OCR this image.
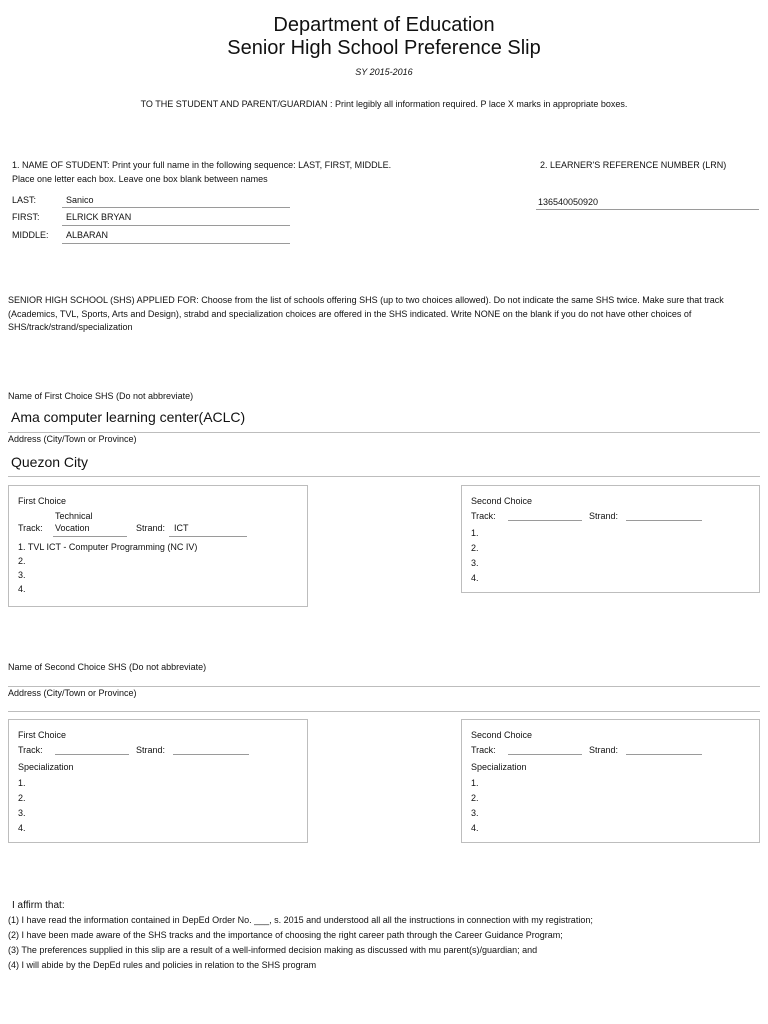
Department of Education
Senior High School Preference Slip
SY 2015-2016
TO THE STUDENT AND PARENT/GUARDIAN : Print legibly all information required. P lace X marks in appropriate boxes.
1. NAME OF STUDENT: Print your full name in the following sequence: LAST, FIRST, MIDDLE.
Place one letter each box. Leave one box blank between names
LAST:	Sanico
FIRST:	ELRICK BRYAN
MIDDLE: ALBARAN
2. LEARNER'S REFERENCE NUMBER (LRN)
136540050920
SENIOR HIGH SCHOOL (SHS) APPLIED FOR: Choose from the list of schools offering SHS (up to two choices allowed). Do not indicate the same SHS twice. Make sure that track
(Academics, TVL, Sports, Arts and Design), strabd and specialization choices are offered in the SHS indicated. Write NONE on the blank if you do not have other choices of
SHS/track/strand/specialization
Name of First Choice SHS (Do not abbreviate)
Ama computer learning center(ACLC)
Address (City/Town or Province)
Quezon City
First Choice
Technical
Track: Vocation	Strand: ICT
1. TVL ICT - Computer Programming (NC IV)
2.
3.
4.
Second Choice
Track:	Strand:
1.
2.
3.
4.
Name of Second Choice SHS (Do not abbreviate)
Address (City/Town or Province)
First Choice
Track:	Strand:
Specialization
1.
2.
3.
4.
Second Choice
Track:	Strand:
Specialization
1.
2.
3.
4.
I affirm that:
(1) I have read the information contained in DepEd Order No. ___, s. 2015 and understood all all the instructions in connection with my registration;
(2) I have been made aware of the SHS tracks and the importance of choosing the right career path through the Career Guidance Program;
(3) The preferences supplied in this slip are a result of a well-informed decision making as discussed with mu parent(s)/guardian; and
(4) I will abide by the DepEd rules and policies in relation to the SHS program
